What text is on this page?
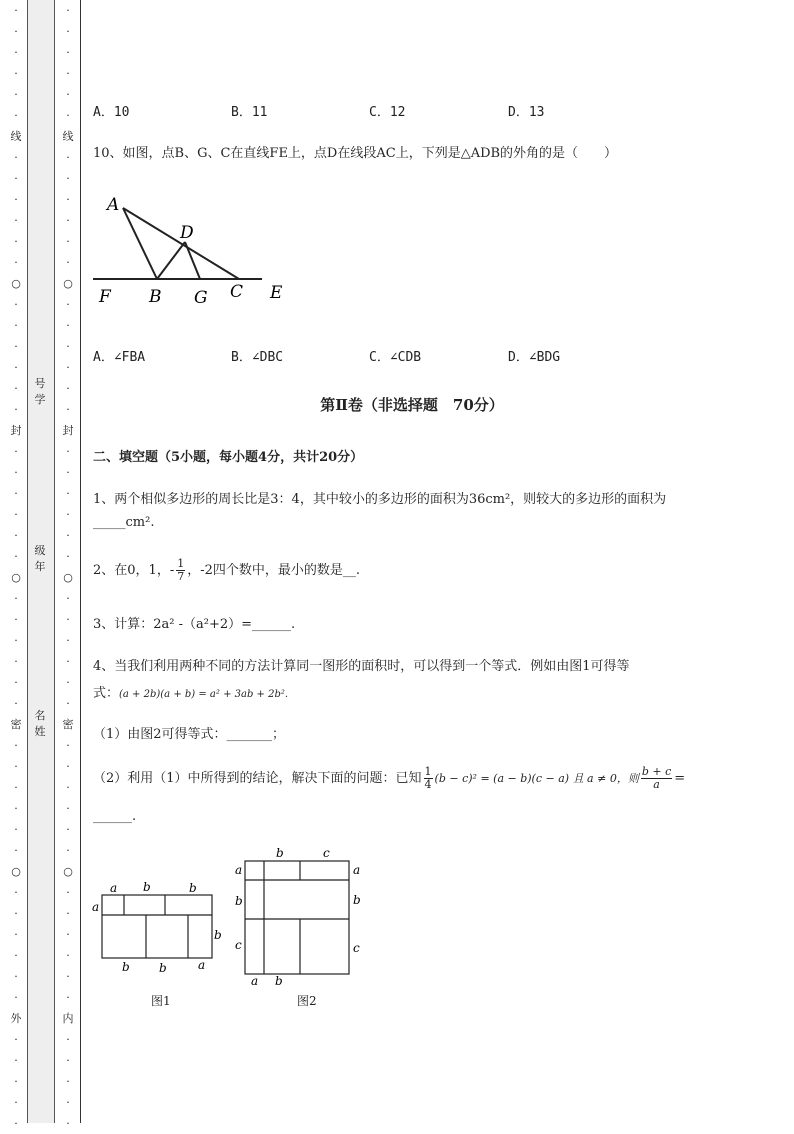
·
·
·
·
·
·
线
·
·
·
·
·
·
○
·
·
·
·
·
·
封
·
·
·
·
·
·
○
·
·
·
·
·
·
密
·
·
·
·
·
·
○
·
·
·
·
·
·
外
·
·
·
·
·
号 学
级 年
名 姓
·
·
·
·
·
·
线
·
·
·
·
·
·
○
·
·
·
·
·
·
封
·
·
·
·
·
·
○
·
·
·
·
·
·
密
·
·
·
·
·
·
○
·
·
·
·
·
·
内
·
·
·
·
·
A．10	B．11	C．12	D．13
10、如图，点B、G、C在直线FE上，点D在线段AC上，下列是△ADB的外角的是（　　）
A
D
F B G C E
A．∠FBA	B．∠DBC	C．∠CDB	D．∠BDG
第Ⅱ卷（非选择题　70分）
二、填空题（5小题，每小题4分，共计20分）
1、两个相似多边形的周长比是3：4，其中较小的多边形的面积为36cm²，则较大的多边形的面积为
_____cm².
2、在0，1，- $\frac{1}{7}$ ，-2四个数中，最小的数是__.
3、计算：2a² -（a²+2）=______.
4、当我们利用两种不同的方法计算同一图形的面积时，可以得到一个等式．例如由图1可得等
式：(a + 2b)(a + b) = a² + 3ab + 2b².
（1）由图2可得等式：_______；
（2）利用（1）中所得到的结论，解决下面的问题：已知 $\frac{1}{4} (b - c)^2 = (a - b)(c - a)$ 且 a ≠ 0，则 $\frac{b + c}{a}$ =
______.
a b	b
a
b
b b	a
图1
b	c
a
b
c
a
b
c
a b
图2
